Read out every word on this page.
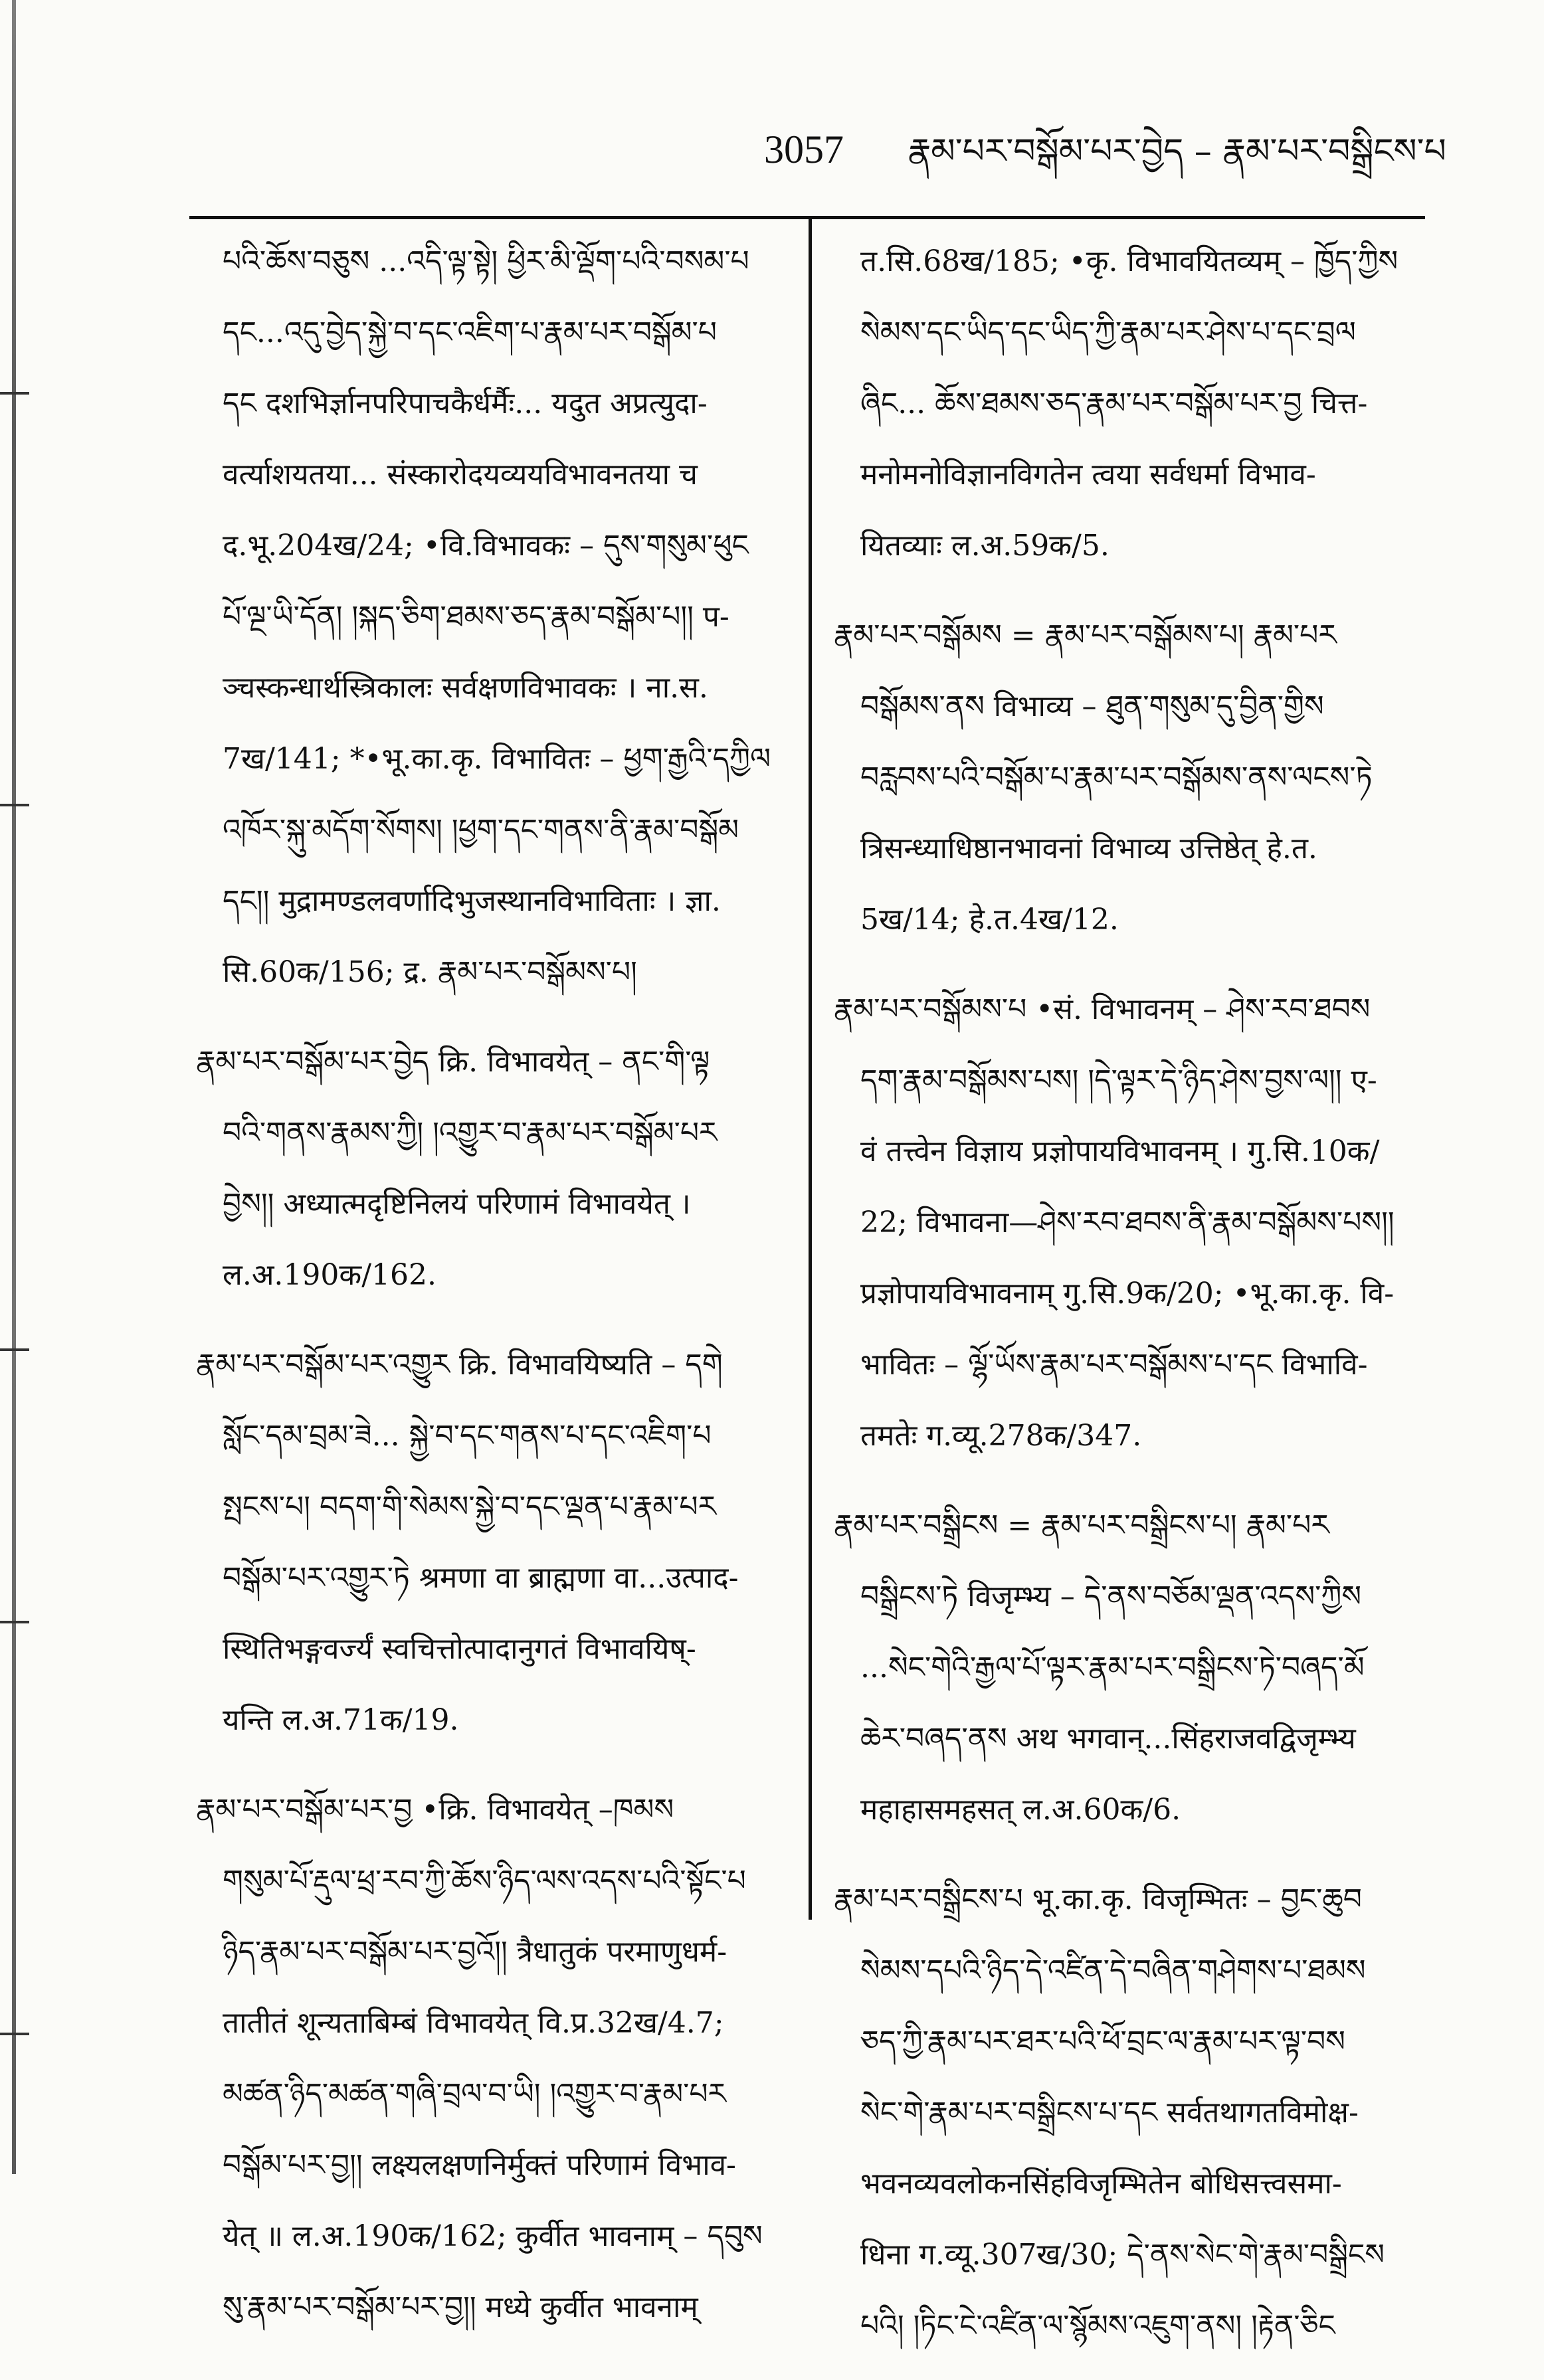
3057 རྣམ་པར་བསྒོམ་པར་བྱེད – རྣམ་པར་བསྒྲིངས་པ

པའི་ཆོས་བཅུས ...འདི་ལྟ་སྟེ། ཕྱིར་མི་ལྡོག་པའི་བསམ་པ

དང...འདུ་བྱེད་སྐྱེ་བ་དང་འཇིག་པ་རྣམ་པར་བསྒོམ་པ

དང दशभिर्ज्ञानपरिपाचकैर्धर्मैः... यदुत अप्रत्युदा-

वर्त्याशयतया... संस्कारोदयव्ययविभावनतया च

द.भू.204ख/24; •वि.विभावकः – དུས་གསུམ་ཕུང

པོ་ལྔ་ཡི་དོན། །སྐད་ཅིག་ཐམས་ཅད་རྣམ་བསྒོམ་པ།། प-

ञ्चस्कन्धार्थस्त्रिकालः सर्वक्षणविभावकः । ना.स.

7ख/141; *•भू.का.कृ. विभावितः – ཕྱག་རྒྱའི་དཀྱིལ

འཁོར་སྐུ་མདོག་སོགས། །ཕྱག་དང་གནས་ནི་རྣམ་བསྒོམ

དང།། मुद्रामण्डलवर्णादिभुजस्थानविभाविताः । ज्ञा.

सि.60क/156; द्र. རྣམ་པར་བསྒོམས་པ།

རྣམ་པར་བསྒོམ་པར་བྱེད क्रि. विभावयेत् – ནང་གི་ལྟ

བའི་གནས་རྣམས་ཀྱི། །འགྱུར་བ་རྣམ་པར་བསྒོམ་པར

བྱེས།། अध्यात्मदृष्टिनिलयं परिणामं विभावयेत् ।

ल.अ.190क/162.

རྣམ་པར་བསྒོམ་པར་འགྱུར क्रि. विभावयिष्यति – དགེ

སློང་དམ་བྲམ་ཟེ... སྐྱེ་བ་དང་གནས་པ་དང་འཇིག་པ

སྤངས་པ། བདག་གི་སེམས་སྐྱེ་བ་དང་ལྡན་པ་རྣམ་པར

བསྒོམ་པར་འགྱུར་ཏེ श्रमणा वा ब्राह्मणा वा...उत्पाद-

स्थितिभङ्गवर्ज्यं स्वचित्तोत्पादानुगतं विभावयिष्-

यन्ति ल.अ.71क/19.

རྣམ་པར་བསྒོམ་པར་བྱ •क्रि. विभावयेत् –ཁམས

གསུམ་པོ་རྡུལ་ཕྲ་རབ་ཀྱི་ཆོས་ཉིད་ལས་འདས་པའི་སྟོང་པ

ཉིད་རྣམ་པར་བསྒོམ་པར་བྱའོ།། त्रैधातुकं परमाणुधर्म-

तातीतं शून्यताबिम्बं विभावयेत् वि.प्र.32ख/4.7;

མཚན་ཉིད་མཚན་གཞི་བྲལ་བ་ཡི། །འགྱུར་བ་རྣམ་པར

བསྒོམ་པར་བྱ།། लक्ष्यलक्षणनिर्मुक्तं परिणामं विभाव-

येत् ॥ ल.अ.190क/162; कुर्वीत भावनाम् – དབུས

སུ་རྣམ་པར་བསྒོམ་པར་བྱ།། मध्ये कुर्वीत भावनाम्

त.सि.68ख/185; •कृ. विभावयितव्यम् – ཁྱོད་ཀྱིས

སེམས་དང་ཡིད་དང་ཡིད་ཀྱི་རྣམ་པར་ཤེས་པ་དང་བྲལ

ཞིང... ཆོས་ཐམས་ཅད་རྣམ་པར་བསྒོམ་པར་བྱ चित्त-

मनोमनोविज्ञानविगतेन त्वया सर्वधर्मा विभाव-

यितव्याः ल.अ.59क/5.

རྣམ་པར་བསྒོམས = རྣམ་པར་བསྒོམས་པ། རྣམ་པར

བསྒོམས་ནས विभाव्य – ཐུན་གསུམ་དུ་བྱིན་གྱིས

བརླབས་པའི་བསྒོམ་པ་རྣམ་པར་བསྒོམས་ནས་ལངས་ཏེ

त्रिसन्ध्याधिष्ठानभावनां विभाव्य उत्तिष्ठेत् हे.त.

5ख/14; हे.त.4ख/12.

རྣམ་པར་བསྒོམས་པ •सं. विभावनम् – ཤེས་རབ་ཐབས

དག་རྣམ་བསྒོམས་པས། །དེ་ལྟར་དེ་ཉིད་ཤེས་བྱས་ལ།། ए-

वं तत्त्वेन विज्ञाय प्रज्ञोपायविभावनम् । गु.सि.10क/

22; विभावना—ཤེས་རབ་ཐབས་ནི་རྣམ་བསྒོམས་པས།།

प्रज्ञोपायविभावनाम् गु.सि.9क/20; •भू.का.कृ. वि-

भावितः – ལྷོ་ཡོས་རྣམ་པར་བསྒོམས་པ་དང विभावि-

तमतेः ग.व्यू.278क/347.

རྣམ་པར་བསྒྲིངས = རྣམ་པར་བསྒྲིངས་པ། རྣམ་པར

བསྒྲིངས་ཏེ विजृम्भ्य – དེ་ནས་བཅོམ་ལྡན་འདས་ཀྱིས

...སེང་གེའི་རྒྱལ་པོ་ལྟར་རྣམ་པར་བསྒྲིངས་ཏེ་བཞད་མོ

ཆེར་བཞད་ནས अथ भगवान्...सिंहराजवद्विजृम्भ्य

महाहासमहसत् ल.अ.60क/6.

རྣམ་པར་བསྒྲིངས་པ भू.का.कृ. विजृम्भितः – བྱང་ཆུབ

སེམས་དཔའི་ཉིད་དེ་འཛིན་དེ་བཞིན་གཤེགས་པ་ཐམས

ཅད་ཀྱི་རྣམ་པར་ཐར་པའི་ཕོ་བྲང་ལ་རྣམ་པར་ལྟ་བས

སེང་གེ་རྣམ་པར་བསྒྲིངས་པ་དང सर्वतथागतविमोक्ष-

भवनव्यवलोकनसिंहविजृम्भितेन बोधिसत्त्वसमा-

धिना ग.व्यू.307ख/30; དེ་ནས་སེང་གེ་རྣམ་བསྒྲིངས

པའི། །ཏིང་ངེ་འཛིན་ལ་སྙོམས་འཇུག་ནས། །རྟེན་ཅིང
